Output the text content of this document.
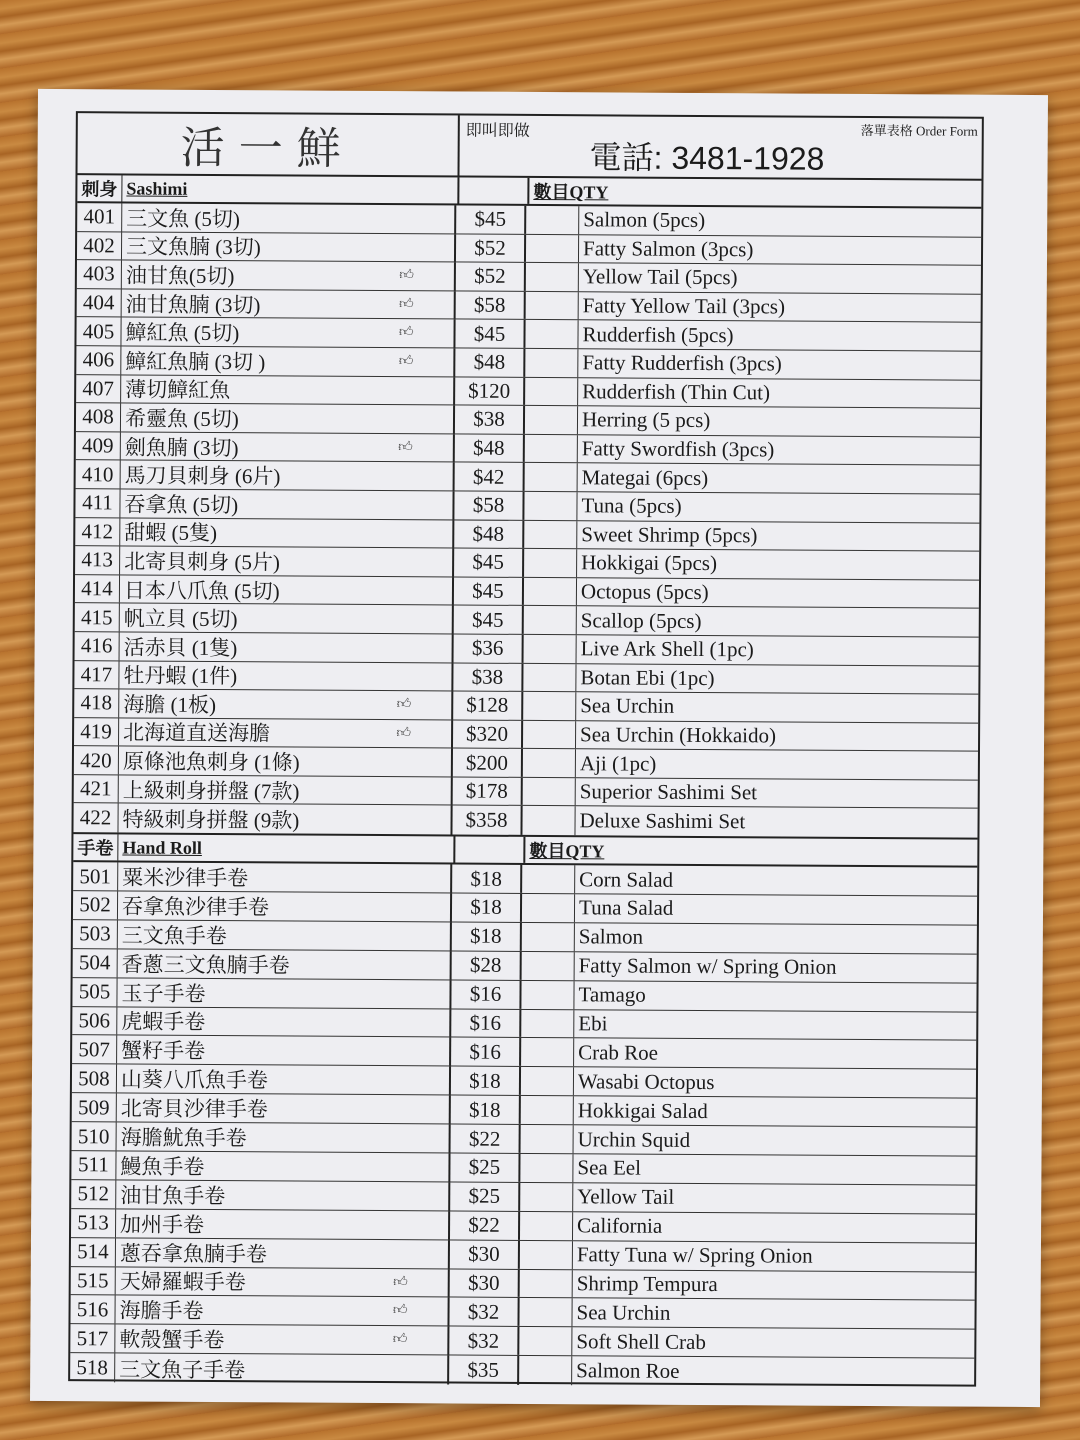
活一鮮	即叫即做	落單表格 Order Form
電話: 3481-1928
刺身 Sashimi	數目QTY
401 三文魚 (5切)	$45	Salmon (5pcs)
402 三文魚腩 (3切)	$52	Fatty Salmon (3pcs)
403 油甘魚(5切)	👍︎	$52	Yellow Tail (5pcs)
404 油甘魚腩 (3切)	👍︎	$58	Fatty Yellow Tail (3pcs)
405 鱆紅魚 (5切)	👍︎	$45	Rudderfish (5pcs)
406 鱆紅魚腩 (3切 )	👍︎	$48	Fatty Rudderfish (3pcs)
407 薄切鱆紅魚	$120	Rudderfish (Thin Cut)
408 希靈魚 (5切)	$38	Herring (5 pcs)
409 劍魚腩 (3切)	👍︎	$48	Fatty Swordfish (3pcs)
410 馬刀貝刺身 (6片)	$42	Mategai (6pcs)
411 吞拿魚 (5切)	$58	Tuna (5pcs)
412 甜蝦 (5隻)	$48	Sweet Shrimp (5pcs)
413 北寄貝刺身 (5片)	$45	Hokkigai (5pcs)
414 日本八爪魚 (5切)	$45	Octopus (5pcs)
415 帆立貝 (5切)	$45	Scallop (5pcs)
416 活赤貝 (1隻)	$36	Live Ark Shell (1pc)
417 牡丹蝦 (1件)	$38	Botan Ebi (1pc)
418 海膽 (1板)	👍︎	$128	Sea Urchin
419 北海道直送海膽	👍︎	$320	Sea Urchin (Hokkaido)
420 原條池魚刺身 (1條)	$200	Aji (1pc)
421 上級刺身拼盤 (7款)	$178	Superior Sashimi Set
422 特級刺身拼盤 (9款)	$358	Deluxe Sashimi Set
手卷 Hand Roll	數目QTY
501 粟米沙律手卷	$18	Corn Salad
502 吞拿魚沙律手卷	$18	Tuna Salad
503 三文魚手卷	$18	Salmon
504 香蔥三文魚腩手卷	$28	Fatty Salmon w/ Spring Onion
505 玉子手卷	$16	Tamago
506 虎蝦手卷	$16	Ebi
507 蟹籽手卷	$16	Crab Roe
508 山葵八爪魚手卷	$18	Wasabi Octopus
509 北寄貝沙律手卷	$18	Hokkigai Salad
510 海膽魷魚手卷	$22	Urchin Squid
511 鰻魚手卷	$25	Sea Eel
512 油甘魚手卷	$25	Yellow Tail
513 加州手卷	$22	California
514 蔥吞拿魚腩手卷	$30	Fatty Tuna w/ Spring Onion
515 天婦羅蝦手卷	👍︎	$30	Shrimp Tempura
516 海膽手卷	👍︎	$32	Sea Urchin
517 軟殼蟹手卷	👍︎	$32	Soft Shell Crab
518 三文魚子手卷	$35	Salmon Roe
